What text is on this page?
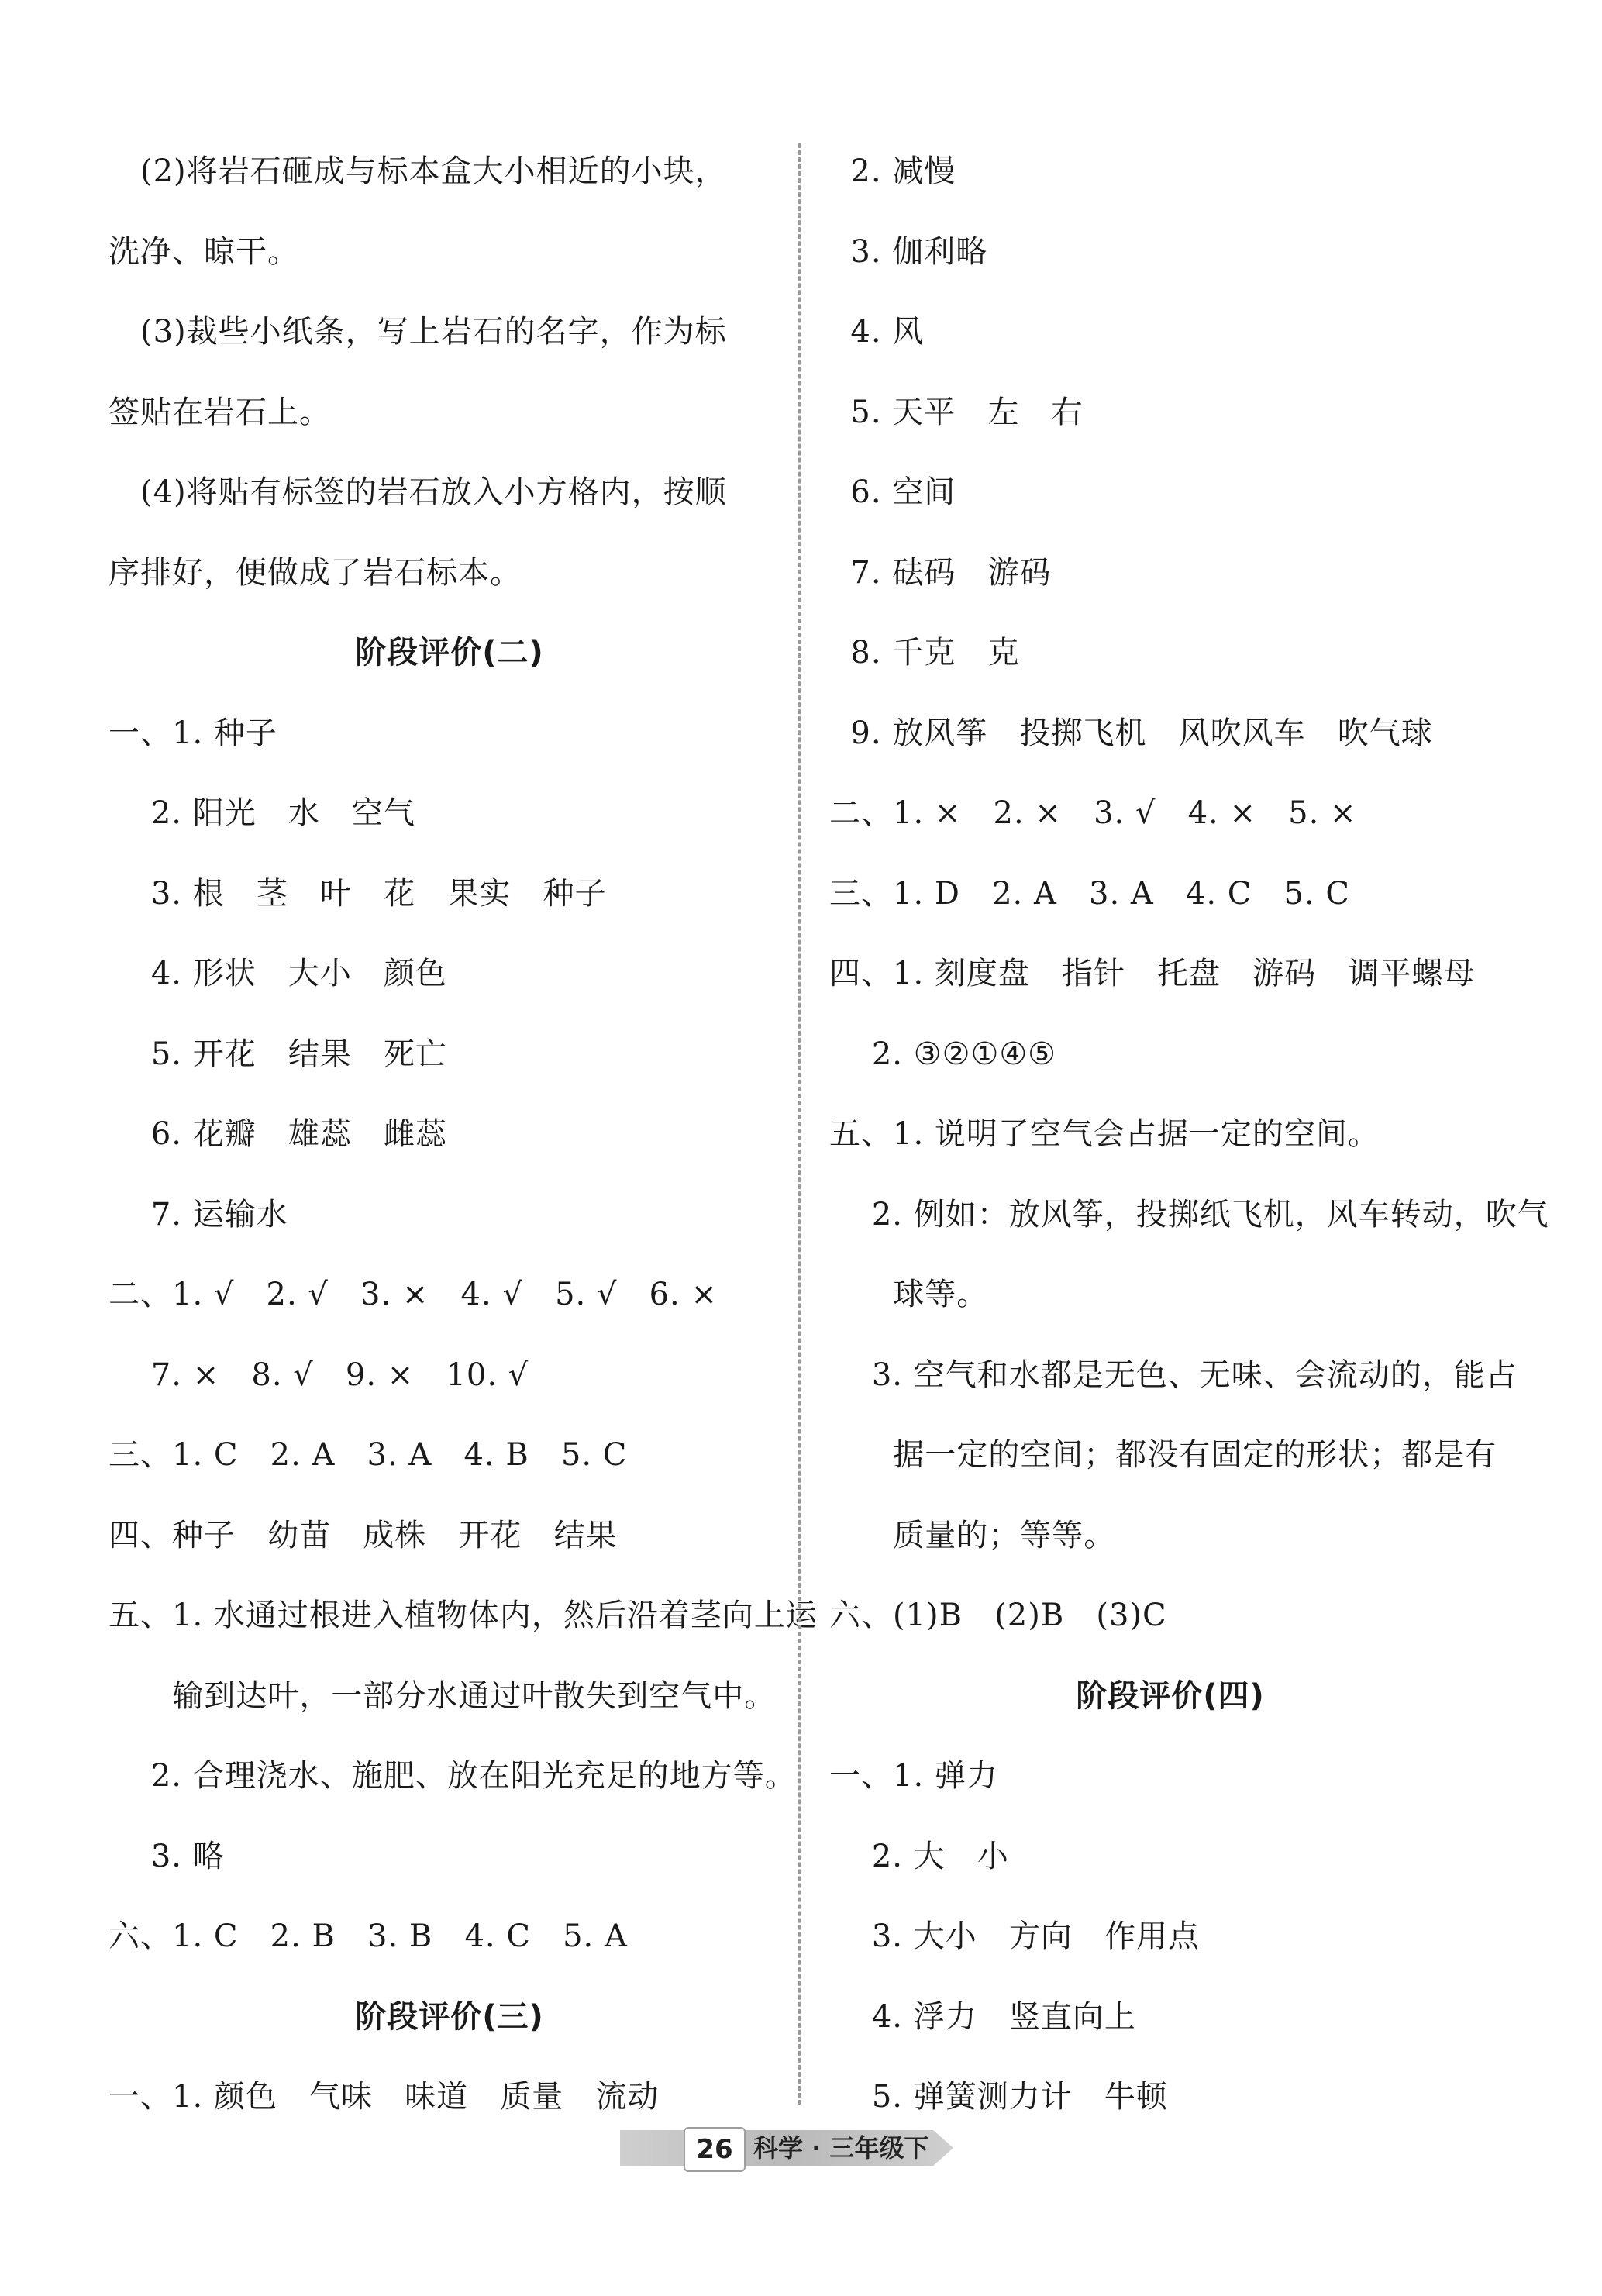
　(2)将岩石砸成与标本盒大小相近的小块，
洗净、晾干。
　(3)裁些小纸条，写上岩石的名字，作为标
签贴在岩石上。
　(4)将贴有标签的岩石放入小方格内，按顺
序排好，便做成了岩石标本。
阶段评价(二)
一、1. 种子
2. 阳光   水   空气
3. 根   茎   叶   花   果实   种子
4. 形状   大小   颜色
5. 开花   结果   死亡
6. 花瓣   雄蕊   雌蕊
7. 运输水
二、1. √   2. √   3. ×   4. √   5. √   6. ×
7. ×   8. √   9. ×   10. √
三、1. C   2. A   3. A   4. B   5. C
四、种子   幼苗   成株   开花   结果
五、1. 水通过根进入植物体内，然后沿着茎向上运
输到达叶，一部分水通过叶散失到空气中。
2. 合理浇水、施肥、放在阳光充足的地方等。
3. 略
六、1. C   2. B   3. B   4. C   5. A
阶段评价(三)
一、1. 颜色   气味   味道   质量   流动
2. 减慢
3. 伽利略
4. 风
5. 天平   左   右
6. 空间
7. 砝码   游码
8. 千克   克
9. 放风筝   投掷飞机   风吹风车   吹气球
二、1. ×   2. ×   3. √   4. ×   5. ×
三、1. D   2. A   3. A   4. C   5. C
四、1. 刻度盘   指针   托盘   游码   调平螺母
2. ③②①④⑤
五、1. 说明了空气会占据一定的空间。
2. 例如：放风筝，投掷纸飞机，风车转动，吹气
球等。
3. 空气和水都是无色、无味、会流动的，能占
据一定的空间；都没有固定的形状；都是有
质量的；等等。
六、(1)B   (2)B   (3)C
阶段评价(四)
一、1. 弹力
2. 大   小
3. 大小   方向   作用点
4. 浮力   竖直向上
5. 弹簧测力计   牛顿
26 科学 · 三年级下
